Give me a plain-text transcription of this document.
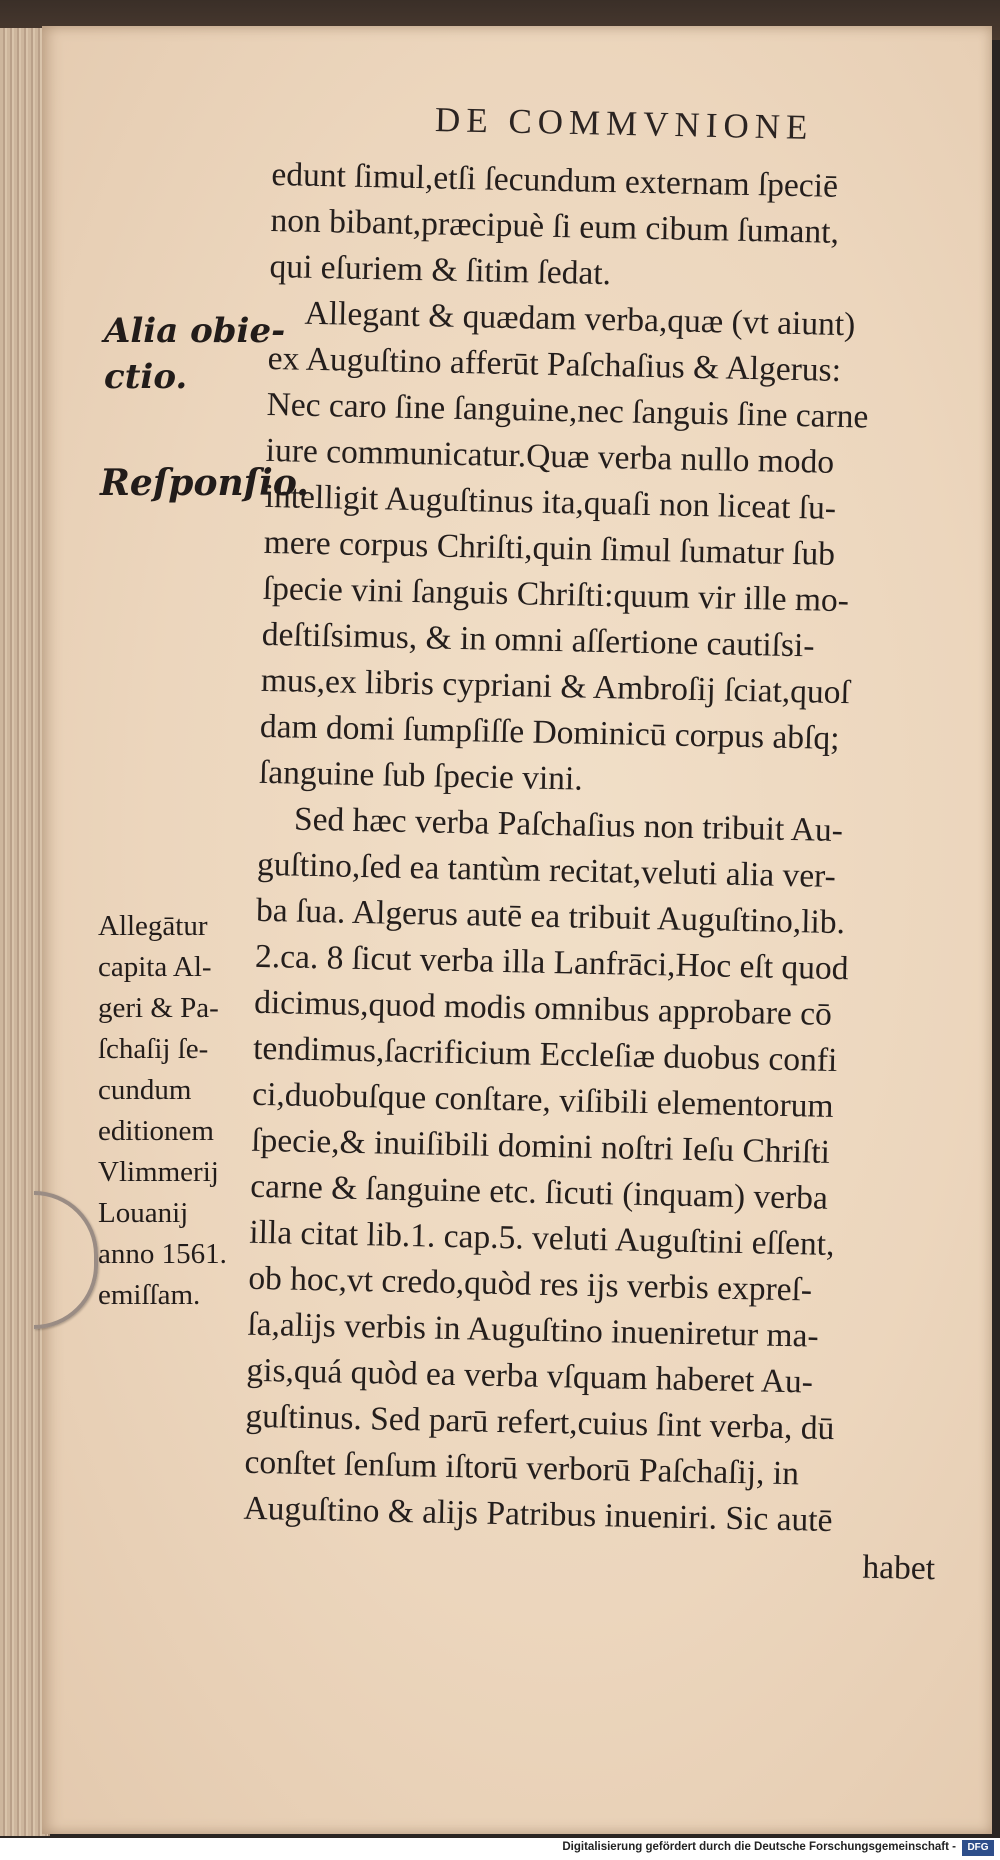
DE COMMVNIONE
edunt ſimul,etſi ſecundum externam ſpeciē
non bibant,præcipuè ſi eum cibum ſumant,
qui eſuriem & ſitim ſedat.
Allegant & quædam verba,quæ (vt aiunt)
ex Auguſtino afferūt Paſchaſius & Algerus:
Nec caro ſine ſanguine,nec ſanguis ſine carne
iure communicatur.Quæ verba nullo modo
intelligit Auguſtinus ita,quaſi non liceat ſu-
mere corpus Chriſti,quin ſimul ſumatur ſub
ſpecie vini ſanguis Chriſti:quum vir ille mo-
deſtiſsimus, & in omni aſſertione cautiſsi-
mus,ex libris cypriani & Ambroſij ſciat,quoſ
dam domi ſumpſiſſe Dominicū corpus abſq;
ſanguine ſub ſpecie vini.
Sed hæc verba Paſchaſius non tribuit Au-
guſtino,ſed ea tantùm recitat,veluti alia ver-
ba ſua. Algerus autē ea tribuit Auguſtino,lib.
2.ca. 8 ſicut verba illa Lanfrāci,Hoc eſt quod
dicimus,quod modis omnibus approbare cō
tendimus,ſacrificium Eccleſiæ duobus confi
ci,duobuſque conſtare, viſibili elementorum
ſpecie,& inuiſibili domini noſtri Ieſu Chriſti
carne & ſanguine etc. ſicuti (inquam) verba
illa citat lib.1. cap.5. veluti Auguſtini eſſent,
ob hoc,vt credo,quòd res ijs verbis expreſ-
ſa,alijs verbis in Auguſtino inueniretur ma-
gis,quá quòd ea verba vſquam haberet Au-
guſtinus. Sed parū refert,cuius ſint verba, dū
conſtet ſenſum iſtorū verborū Paſchaſij, in
Auguſtino & alijs Patribus inueniri. Sic autē
habet
Alia obie-
ctio.
Reſponſio.
Allegātur
capita Al-
geri & Pa-
ſchaſij ſe-
cundum
editionem
Vlimmerij
Louanij
anno 1561.
emiſſam.
Digitalisierung gefördert durch die Deutsche Forschungsgemeinschaft -	DFG
